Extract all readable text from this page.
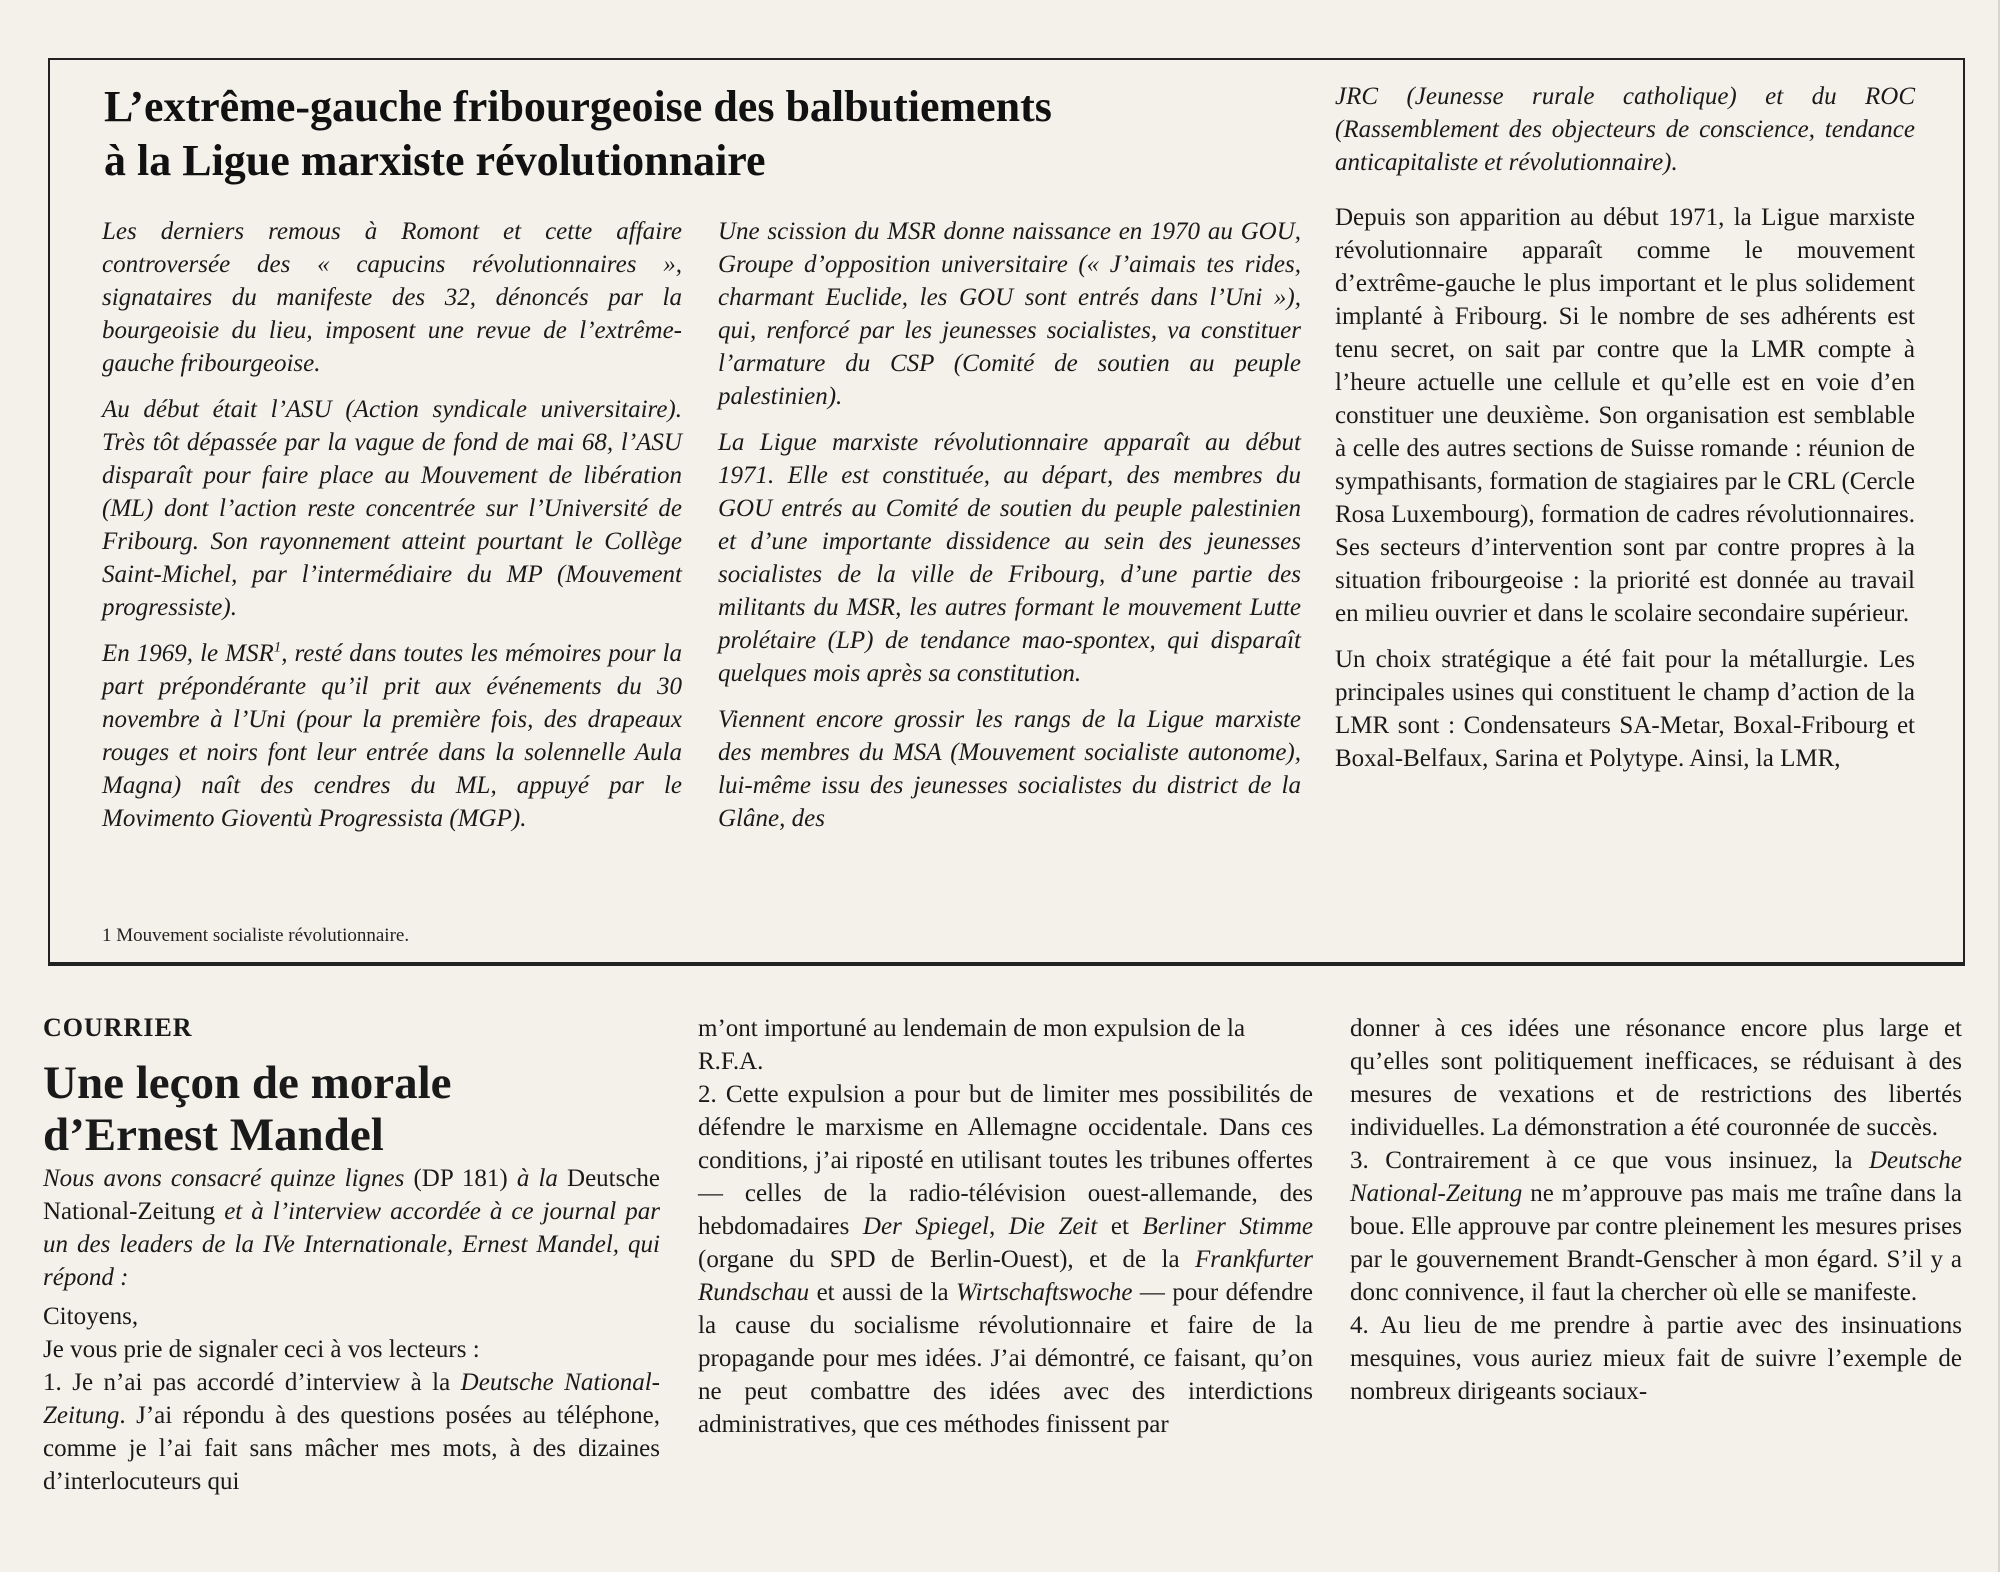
L’extrême-gauche fribourgeoise des balbutiements
à la Ligue marxiste révolutionnaire

Les derniers remous à Romont et cette affaire controversée des « capucins révolutionnaires », signataires du manifeste des 32, dénoncés par la bourgeoisie du lieu, imposent une revue de l’extrême-gauche fribourgeoise.

Au début était l’ASU (Action syndicale universitaire). Très tôt dépassée par la vague de fond de mai 68, l’ASU disparaît pour faire place au Mouvement de libération (ML) dont l’action reste concentrée sur l’Université de Fribourg. Son rayonnement atteint pourtant le Collège Saint-Michel, par l’intermédiaire du MP (Mouvement progressiste).

En 1969, le MSR$^1$, resté dans toutes les mémoires pour la part prépondérante qu’il prit aux événements du 30 novembre à l’Uni (pour la première fois, des drapeaux rouges et noirs font leur entrée dans la solennelle Aula Magna) naît des cendres du ML, appuyé par le Movimento Gioventù Progressista (MGP).

1 Mouvement socialiste révolutionnaire.

Une scission du MSR donne naissance en 1970 au GOU, Groupe d’opposition universitaire (« J’aimais tes rides, charmant Euclide, les GOU sont entrés dans l’Uni »), qui, renforcé par les jeunesses socialistes, va constituer l’armature du CSP (Comité de soutien au peuple palestinien).

La Ligue marxiste révolutionnaire apparaît au début 1971. Elle est constituée, au départ, des membres du GOU entrés au Comité de soutien du peuple palestinien et d’une importante dissidence au sein des jeunesses socialistes de la ville de Fribourg, d’une partie des militants du MSR, les autres formant le mouvement Lutte prolétaire (LP) de tendance mao-spontex, qui disparaît quelques mois après sa constitution.

Viennent encore grossir les rangs de la Ligue marxiste des membres du MSA (Mouvement socialiste autonome), lui-même issu des jeunesses socialistes du district de la Glâne, des

JRC (Jeunesse rurale catholique) et du ROC (Rassemblement des objecteurs de conscience, tendance anticapitaliste et révolutionnaire).

Depuis son apparition au début 1971, la Ligue marxiste révolutionnaire apparaît comme le mouvement d’extrême-gauche le plus important et le plus solidement implanté à Fribourg. Si le nombre de ses adhérents est tenu secret, on sait par contre que la LMR compte à l’heure actuelle une cellule et qu’elle est en voie d’en constituer une deuxième. Son organisation est semblable à celle des autres sections de Suisse romande : réunion de sympathisants, formation de stagiaires par le CRL (Cercle Rosa Luxembourg), formation de cadres révolutionnaires. Ses secteurs d’intervention sont par contre propres à la situation fribourgeoise : la priorité est donnée au travail en milieu ouvrier et dans le scolaire secondaire supérieur.

Un choix stratégique a été fait pour la métallurgie. Les principales usines qui constituent le champ d’action de la LMR sont : Condensateurs SA-Metar, Boxal-Fribourg et Boxal-Belfaux, Sarina et Polytype. Ainsi, la LMR,

COURRIER
Une leçon de morale
d’Ernest Mandel

Nous avons consacré quinze lignes (DP 181) à la Deutsche National-Zeitung et à l’interview accordée à ce journal par un des leaders de la IVe Internationale, Ernest Mandel, qui répond :

Citoyens,

Je vous prie de signaler ceci à vos lecteurs :

1. Je n’ai pas accordé d’interview à la Deutsche National-Zeitung. J’ai répondu à des questions posées au téléphone, comme je l’ai fait sans mâcher mes mots, à des dizaines d’interlocuteurs qui

m’ont importuné au lendemain de mon expulsion de la R.F.A.

2. Cette expulsion a pour but de limiter mes possibilités de défendre le marxisme en Allemagne occidentale. Dans ces conditions, j’ai riposté en utilisant toutes les tribunes offertes — celles de la radio-télévision ouest-allemande, des hebdomadaires Der Spiegel, Die Zeit et Berliner Stimme (organe du SPD de Berlin-Ouest), et de la Frankfurter Rundschau et aussi de la Wirtschaftswoche — pour défendre la cause du socialisme révolutionnaire et faire de la propagande pour mes idées. J’ai démontré, ce faisant, qu’on ne peut combattre des idées avec des interdictions administratives, que ces méthodes finissent par

donner à ces idées une résonance encore plus large et qu’elles sont politiquement inefficaces, se réduisant à des mesures de vexations et de restrictions des libertés individuelles. La démonstration a été couronnée de succès.

3. Contrairement à ce que vous insinuez, la Deutsche National-Zeitung ne m’approuve pas mais me traîne dans la boue. Elle approuve par contre pleinement les mesures prises par le gouvernement Brandt-Genscher à mon égard. S’il y a donc connivence, il faut la chercher où elle se manifeste.

4. Au lieu de me prendre à partie avec des insinuations mesquines, vous auriez mieux fait de suivre l’exemple de nombreux dirigeants sociaux-
